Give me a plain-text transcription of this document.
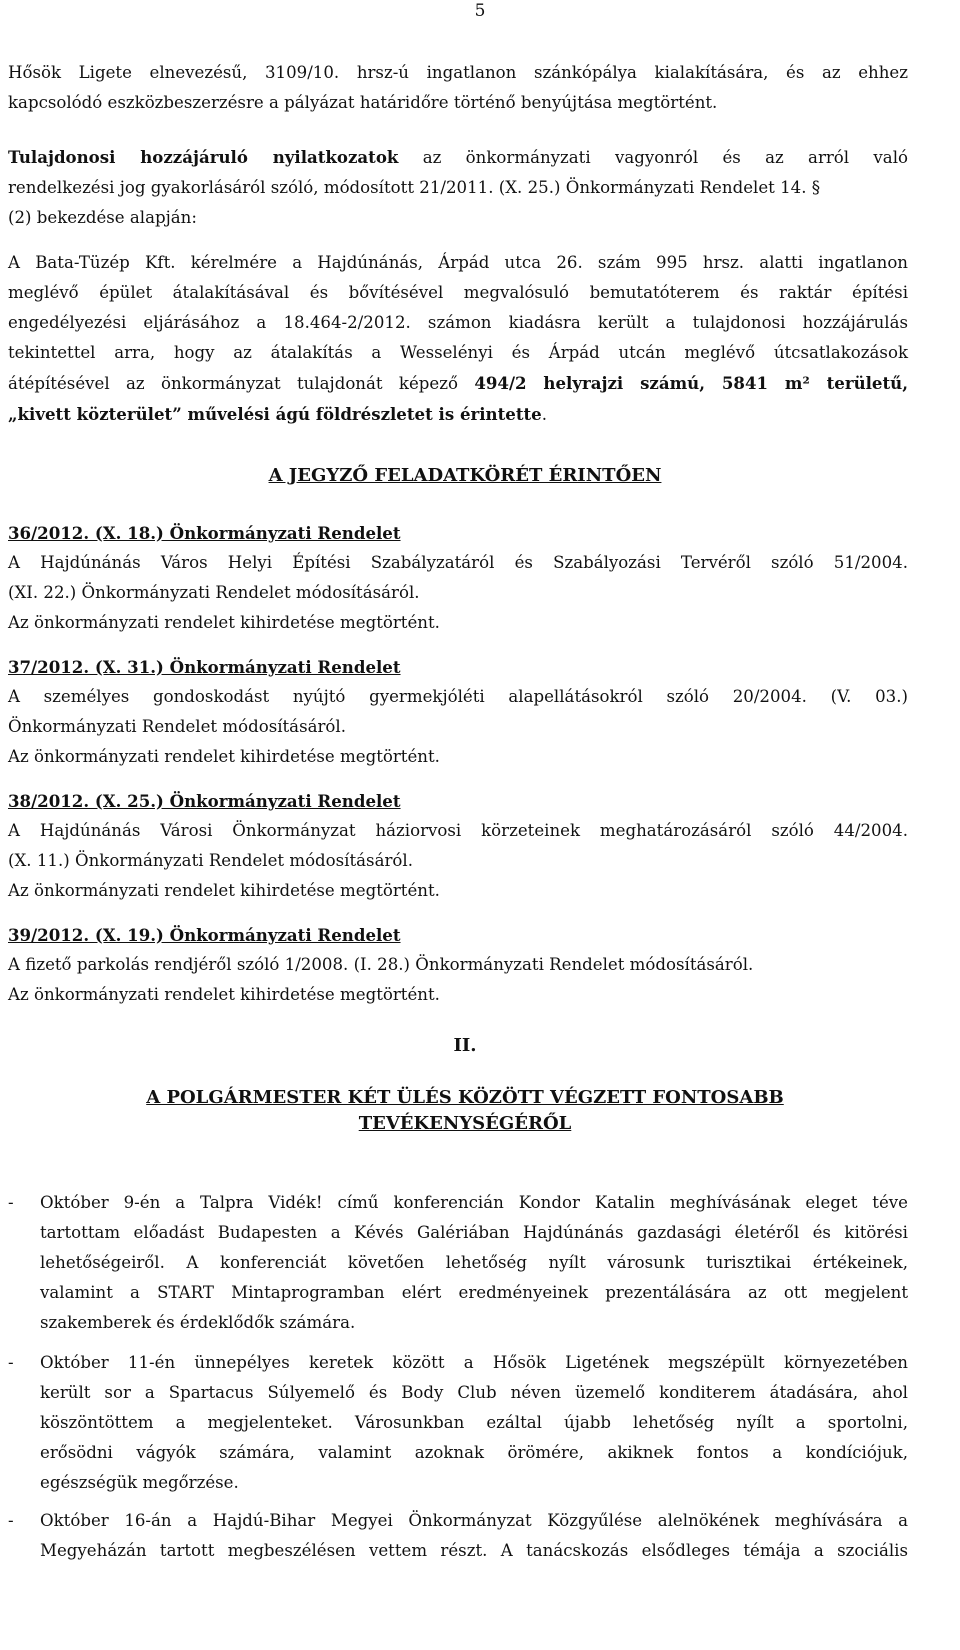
5
Hősök Ligete elnevezésű, 3109/10. hrsz-ú ingatlanon szánkópálya kialakítására, és az ehhez
kapcsolódó eszközbeszerzésre a pályázat határidőre történő benyújtása megtörtént.
Tulajdonosi hozzájáruló nyilatkozatok az önkormányzati vagyonról és az arról való
rendelkezési jog gyakorlásáról szóló, módosított 21/2011. (X. 25.) Önkormányzati Rendelet 14. §
(2) bekezdése alapján:
A Bata-Tüzép Kft. kérelmére a Hajdúnánás, Árpád utca 26. szám 995 hrsz. alatti ingatlanon
meglévő épület átalakításával és bővítésével megvalósuló bemutatóterem és raktár építési
engedélyezési eljárásához a 18.464-2/2012. számon kiadásra került a tulajdonosi hozzájárulás
tekintettel arra, hogy az átalakítás a Wesselényi és Árpád utcán meglévő útcsatlakozások
átépítésével az önkormányzat tulajdonát képező 494/2 helyrajzi számú, 5841 m² területű,
„kivett közterület” művelési ágú földrészletet is érintette.
A JEGYZŐ FELADATKÖRÉT ÉRINTŐEN
36/2012. (X. 18.) Önkormányzati Rendelet
A Hajdúnánás Város Helyi Építési Szabályzatáról és Szabályozási Tervéről szóló 51/2004.
(XI. 22.) Önkormányzati Rendelet módosításáról.
Az önkormányzati rendelet kihirdetése megtörtént.
37/2012. (X. 31.) Önkormányzati Rendelet
A személyes gondoskodást nyújtó gyermekjóléti alapellátásokról szóló 20/2004. (V. 03.)
Önkormányzati Rendelet módosításáról.
Az önkormányzati rendelet kihirdetése megtörtént.
38/2012. (X. 25.) Önkormányzati Rendelet
A Hajdúnánás Városi Önkormányzat háziorvosi körzeteinek meghatározásáról szóló 44/2004.
(X. 11.) Önkormányzati Rendelet módosításáról.
Az önkormányzati rendelet kihirdetése megtörtént.
39/2012. (X. 19.) Önkormányzati Rendelet
A fizető parkolás rendjéről szóló 1/2008. (I. 28.) Önkormányzati Rendelet módosításáról.
Az önkormányzati rendelet kihirdetése megtörtént.
II.
A POLGÁRMESTER KÉT ÜLÉS KÖZÖTT VÉGZETT FONTOSABB
TEVÉKENYSÉGÉRŐL
- Október 9-én a Talpra Vidék! című konferencián Kondor Katalin meghívásának eleget téve
tartottam előadást Budapesten a Kévés Galériában Hajdúnánás gazdasági életéről és kitörési
lehetőségeiről. A konferenciát követően lehetőség nyílt városunk turisztikai értékeinek,
valamint a START Mintaprogramban elért eredményeinek prezentálására az ott megjelent
szakemberek és érdeklődők számára.
- Október 11-én ünnepélyes keretek között a Hősök Ligetének megszépült környezetében
került sor a Spartacus Súlyemelő és Body Club néven üzemelő konditerem átadására, ahol
köszöntöttem a megjelenteket. Városunkban ezáltal újabb lehetőség nyílt a sportolni,
erősödni vágyók számára, valamint azoknak örömére, akiknek fontos a kondíciójuk,
egészségük megőrzése.
- Október 16-án a Hajdú-Bihar Megyei Önkormányzat Közgyűlése alelnökének meghívására a
Megyeházán tartott megbeszélésen vettem részt. A tanácskozás elsődleges témája a szociális
